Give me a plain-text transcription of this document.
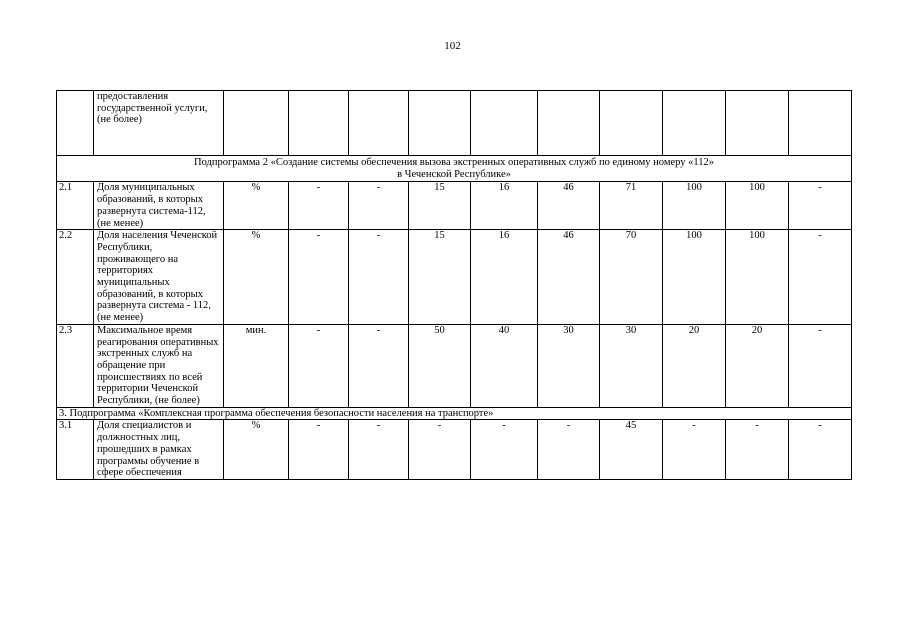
102
	предоставления государственной услуги, (не более)										

Подпрограмма 2 «Создание системы обеспечения вызова экстренных оперативных служб по единому номеру «112»
в Чеченской Республике»											

2.1	Доля муниципальных образований, в которых развернута система-112, (не менее)	%	-	-	15	16	46	71	100	100	-
2.2	Доля населения Чеченской Республики, проживающего на территориях муниципальных образований, в которых развернута система - 112, (не менее)	%	-	-	15	16	46	70	100	100	-
2.3	Максимальное время реагирования оперативных экстренных служб на обращение при происшествиях по всей территории Чеченской Республики, (не более)	мин.	-	-	50	40	30	30	20	20	-
3. Подпрограмма «Комплексная программа обеспечения безопасности населения на транспорте»											
3.1	Доля специалистов и должностных лиц, прошедших в рамках программы обучение в сфере обеспечения	%	-	-	-	-	-	45	-	-	-
